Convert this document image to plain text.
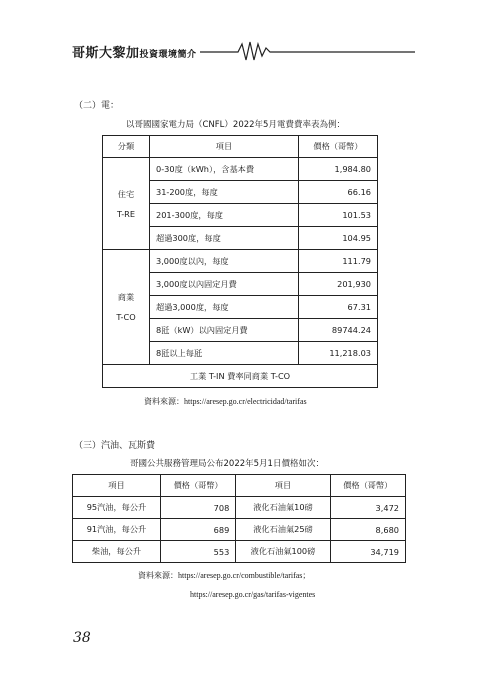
哥斯大黎加投資環境簡介
（二）電：
以哥國國家電力局（CNFL）2022年5月電費費率表為例：
分類	項目	價格（哥幣）

住宅
T-RE	0-30度（kWh），含基本費	1,984.80
	31-200度，每度	66.16
	201-300度，每度	101.53
	超過300度，每度	104.95

商業
T-CO	3,000度以內，每度	111.79
	3,000度以內固定月費	201,930
	超過3,000度，每度	67.31
	8瓩（kW）以內固定月費	89744.24
	8瓩以上每瓩	11,218.03
工業 T-IN 費率同商業 T-CO		
資料來源：https://aresep.go.cr/electricidad/tarifas
（三）汽油、瓦斯費
哥國公共服務管理局公布2022年5月1日價格如次：
項目	價格（哥幣）	項目	價格（哥幣）
95汽油，每公升	708	液化石油氣10磅	3,472
91汽油，每公升	689	液化石油氣25磅	8,680
柴油，每公升	553	液化石油氣100磅	34,719
資料來源：https://aresep.go.cr/combustible/tarifas；
https://aresep.go.cr/gas/tarifas-vigentes
38
